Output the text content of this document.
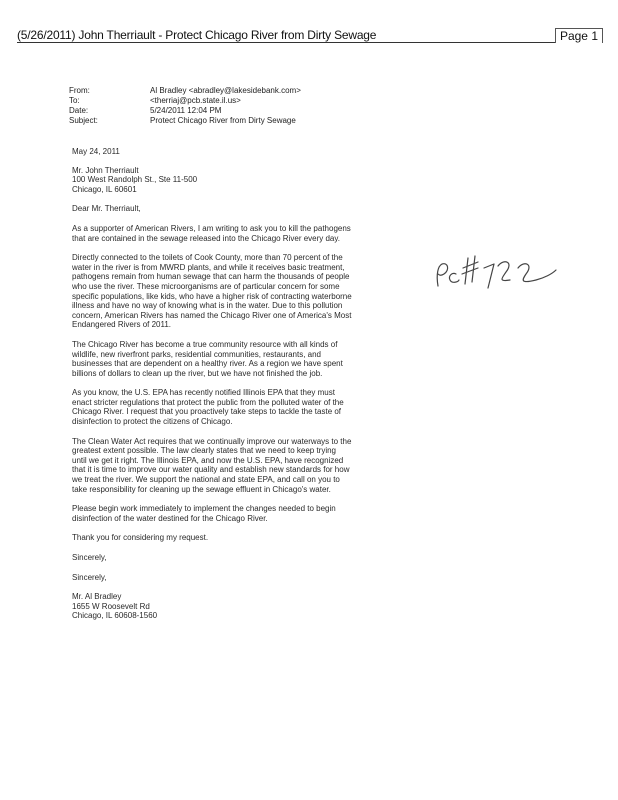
(5/26/2011) John Therriault - Protect Chicago River from Dirty Sewage	Page 1
From:	Al Bradley <abradley@lakesidebank.com>
To:	<therriaj@pcb.state.il.us>
Date:	5/24/2011 12:04 PM
Subject:	Protect Chicago River from Dirty Sewage

May 24, 2011

Mr. John Therriault

100 West Randolph St., Ste 11-500

Chicago, IL 60601

Dear Mr. Therriault,

As a supporter of American Rivers, I am writing to ask you to kill the pathogens that are contained in the sewage released into the Chicago River every day.

Directly connected to the toilets of Cook County, more than 70 percent of the water in the river is from MWRD plants, and while it receives basic treatment, pathogens remain from human sewage that can harm the thousands of people who use the river. These microorganisms are of particular concern for some specific populations, like kids, who have a higher risk of contracting waterborne illness and have no way of knowing what is in the water. Due to this pollution concern, American Rivers has named the Chicago River one of America's Most Endangered Rivers of 2011.

The Chicago River has become a true community resource with all kinds of wildlife, new riverfront parks, residential communities, restaurants, and businesses that are dependent on a healthy river. As a region we have spent billions of dollars to clean up the river, but we have not finished the job.

As you know, the U.S. EPA has recently notified Illinois EPA that they must enact stricter regulations that protect the public from the polluted water of the Chicago River. I request that you proactively take steps to tackle the taste of disinfection to protect the citizens of Chicago.

The Clean Water Act requires that we continually improve our waterways to the greatest extent possible. The law clearly states that we need to keep trying until we get it right. The Illinois EPA, and now the U.S. EPA, have recognized that it is time to improve our water quality and establish new standards for how we treat the river. We support the national and state EPA, and call on you to take responsibility for cleaning up the sewage effluent in Chicago's water.

Please begin work immediately to implement the changes needed to begin disinfection of the water destined for the Chicago River.

Thank you for considering my request.

Sincerely,

Sincerely,

Mr. Al Bradley

1655 W Roosevelt Rd

Chicago, IL 60608-1560
